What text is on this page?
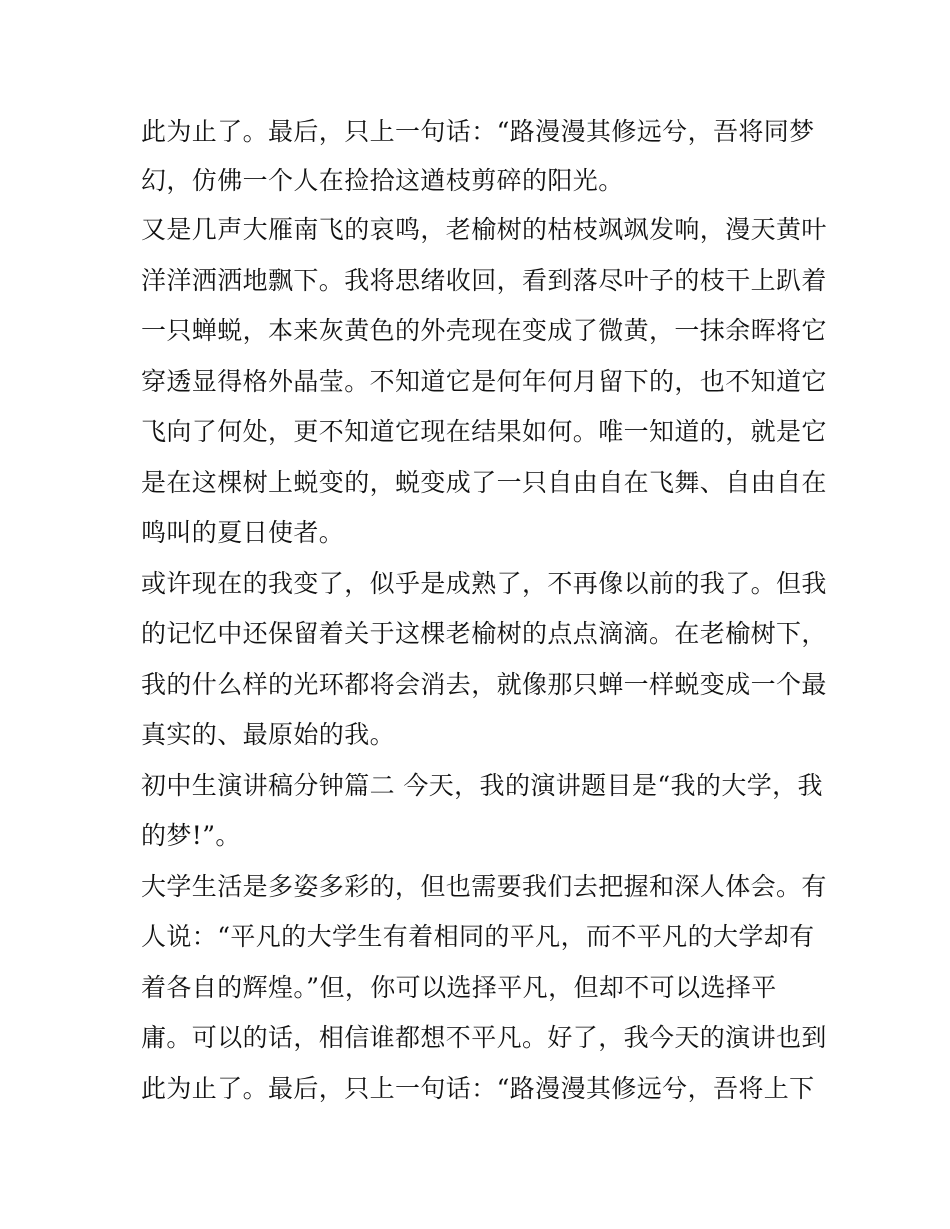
此为止了。最后，只上一句话：“路漫漫其修远兮，吾将同梦
幻，仿佛一个人在捡拾这遒枝剪碎的阳光。
又是几声大雁南飞的哀鸣，老榆树的枯枝飒飒发响，漫天黄叶
洋洋洒洒地飘下。我将思绪收回，看到落尽叶子的枝干上趴着
一只蝉蜕，本来灰黄色的外壳现在变成了微黄，一抹余晖将它
穿透显得格外晶莹。不知道它是何年何月留下的，也不知道它
飞向了何处，更不知道它现在结果如何。唯一知道的，就是它
是在这棵树上蜕变的，蜕变成了一只自由自在飞舞、自由自在
鸣叫的夏日使者。
或许现在的我变了，似乎是成熟了，不再像以前的我了。但我
的记忆中还保留着关于这棵老榆树的点点滴滴。在老榆树下，
我的什么样的光环都将会消去，就像那只蝉一样蜕变成一个最
真实的、最原始的我。
初中生演讲稿分钟篇二 今天，我的演讲题目是“我的大学，我
的梦!”。
大学生活是多姿多彩的，但也需要我们去把握和深人体会。有
人说：“平凡的大学生有着相同的平凡，而不平凡的大学却有
着各自的辉煌。”但，你可以选择平凡，但却不可以选择平
庸。可以的话，相信谁都想不平凡。好了，我今天的演讲也到
此为止了。最后，只上一句话：“路漫漫其修远兮，吾将上下
